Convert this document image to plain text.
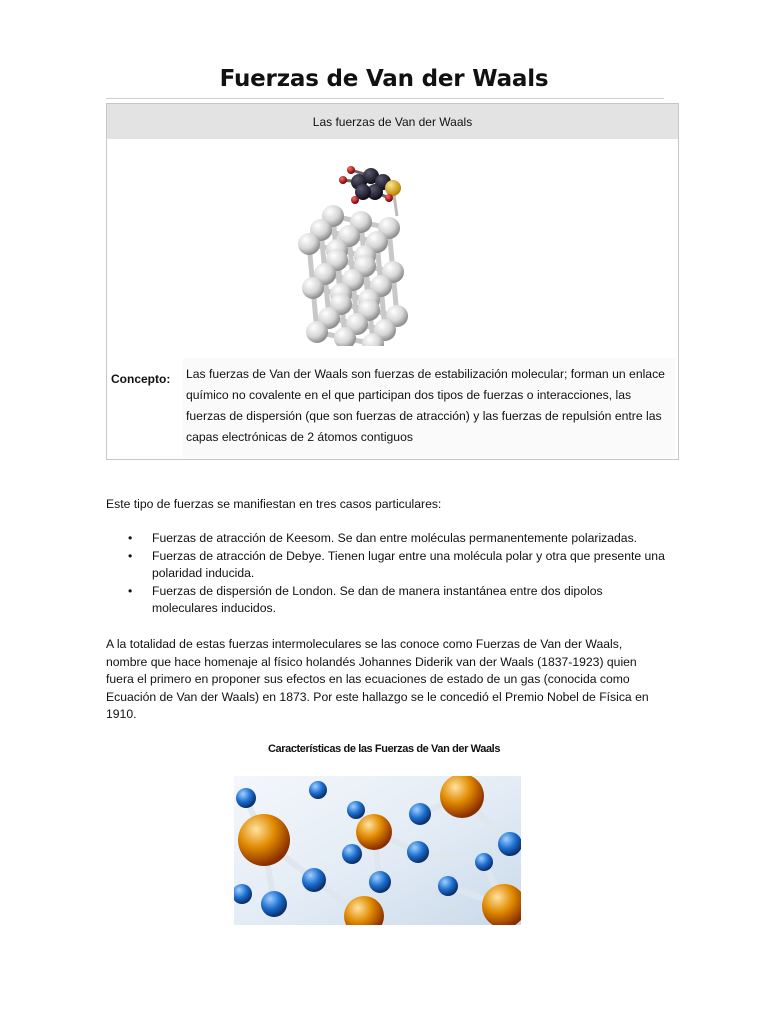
Fuerzas de Van der Waals
Las fuerzas de Van der Waals
Concepto: Las fuerzas de Van der Waals son fuerzas de estabilización molecular; forman un enlace químico no covalente en el que participan dos tipos de fuerzas o interacciones, las fuerzas de dispersión (que son fuerzas de atracción) y las fuerzas de repulsión entre las capas electrónicas de 2 átomos contiguos
Este tipo de fuerzas se manifiestan en tres casos particulares:
• Fuerzas de atracción de Keesom. Se dan entre moléculas permanentemente polarizadas.
• Fuerzas de atracción de Debye. Tienen lugar entre una molécula polar y otra que presente una polaridad inducida.
• Fuerzas de dispersión de London. Se dan de manera instantánea entre dos dipolos moleculares inducidos.
A la totalidad de estas fuerzas intermoleculares se las conoce como Fuerzas de Van der Waals, nombre que hace homenaje al físico holandés Johannes Diderik van der Waals (1837-1923) quien fuera el primero en proponer sus efectos en las ecuaciones de estado de un gas (conocida como Ecuación de Van der Waals) en 1873. Por este hallazgo se le concedió el Premio Nobel de Física en 1910.
Características de las Fuerzas de Van der Waals
